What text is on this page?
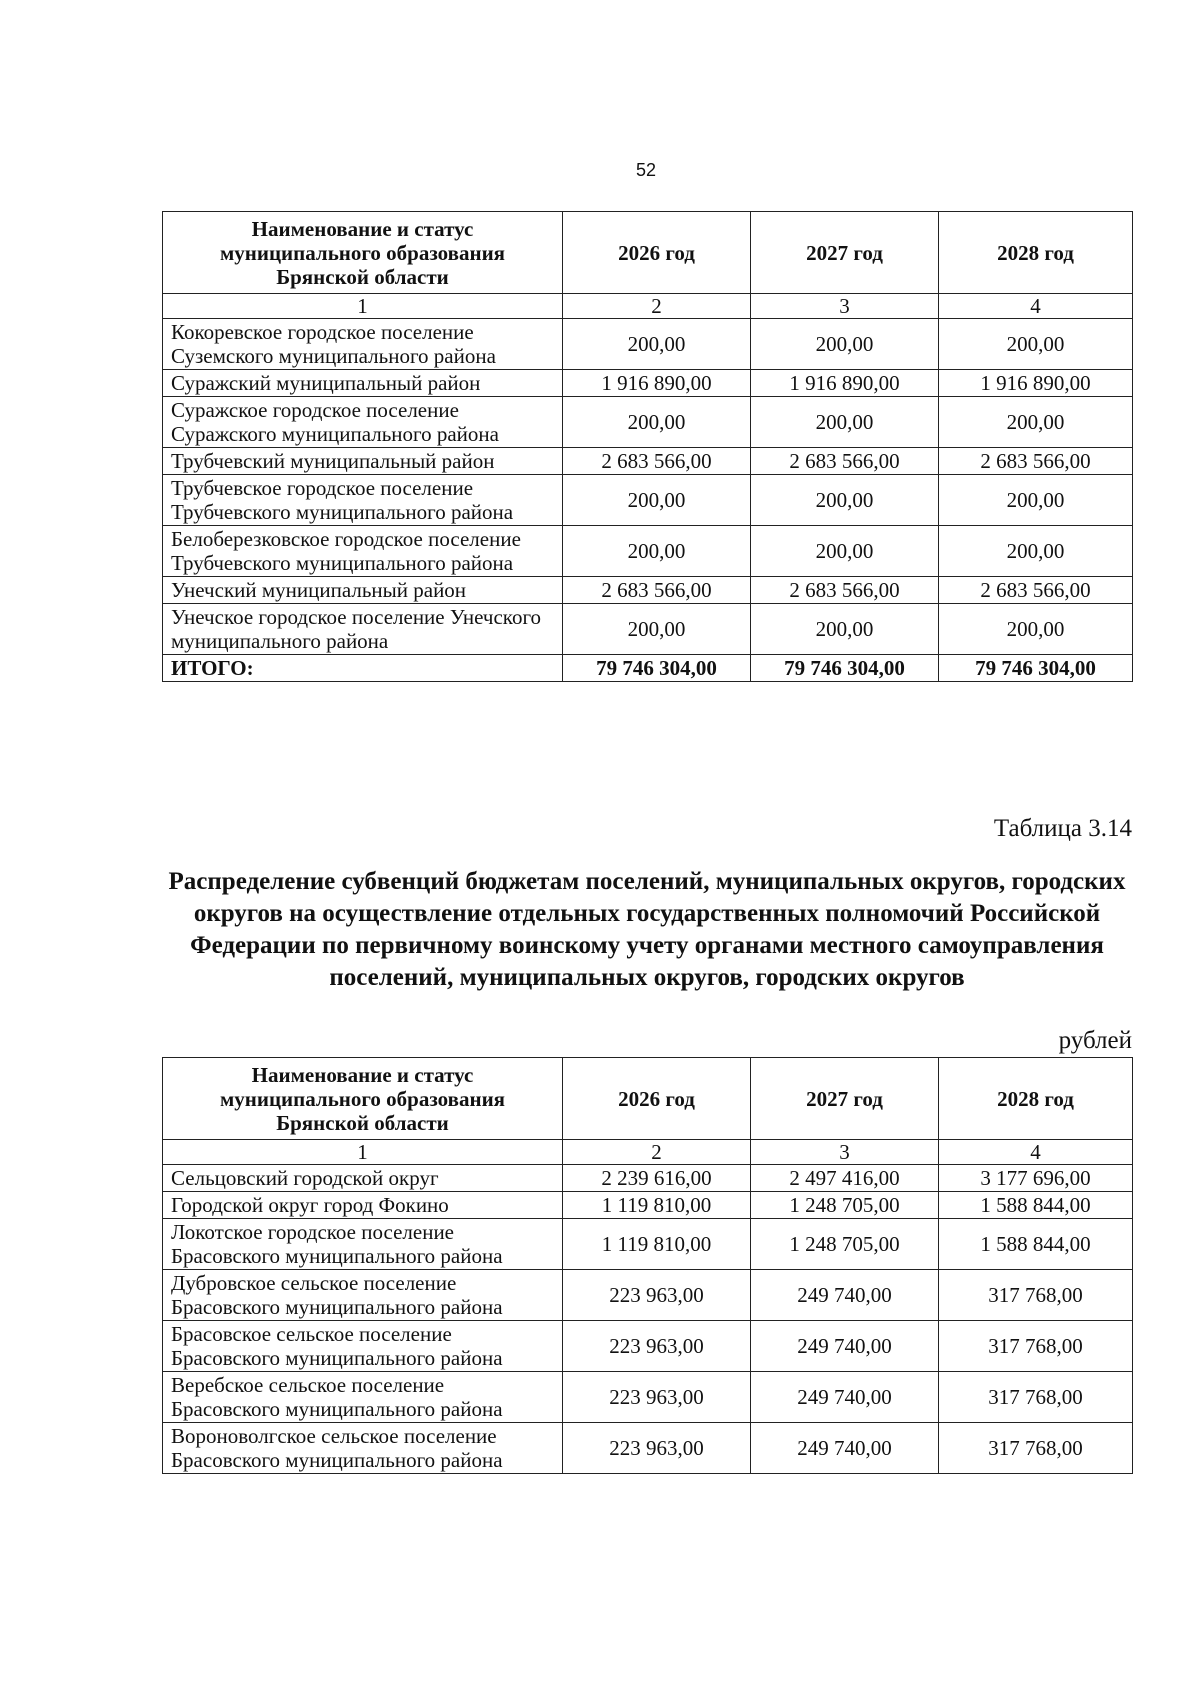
52
Наименование и статус муниципального образования Брянской области	2026 год	2027 год	2028 год
1	2	3	4
Кокоревское городское поселение Суземского муниципального района	200,00	200,00	200,00
Суражский муниципальный район	1 916 890,00	1 916 890,00	1 916 890,00
Суражское городское поселение Суражского муниципального района	200,00	200,00	200,00
Трубчевский муниципальный район	2 683 566,00	2 683 566,00	2 683 566,00
Трубчевское городское поселение Трубчевского муниципального района	200,00	200,00	200,00
Белоберезковское городское поселение Трубчевского муниципального района	200,00	200,00	200,00
Унечский муниципальный район	2 683 566,00	2 683 566,00	2 683 566,00
Унечское городское поселение Унечского муниципального района	200,00	200,00	200,00
ИТОГО:	79 746 304,00	79 746 304,00	79 746 304,00
Таблица 3.14
Распределение субвенций бюджетам поселений, муниципальных округов, городских округов на осуществление отдельных государственных полномочий Российской Федерации по первичному воинскому учету органами местного самоуправления поселений, муниципальных округов, городских округов
рублей
Наименование и статус муниципального образования Брянской области	2026 год	2027 год	2028 год
1	2	3	4
Сельцовский городской округ	2 239 616,00	2 497 416,00	3 177 696,00
Городской округ город Фокино	1 119 810,00	1 248 705,00	1 588 844,00
Локотское городское поселение Брасовского муниципального района	1 119 810,00	1 248 705,00	1 588 844,00
Дубровское сельское поселение Брасовского муниципального района	223 963,00	249 740,00	317 768,00
Брасовское сельское поселение Брасовского муниципального района	223 963,00	249 740,00	317 768,00
Веребское сельское поселение Брасовского муниципального района	223 963,00	249 740,00	317 768,00
Вороноволгское сельское поселение Брасовского муниципального района	223 963,00	249 740,00	317 768,00
